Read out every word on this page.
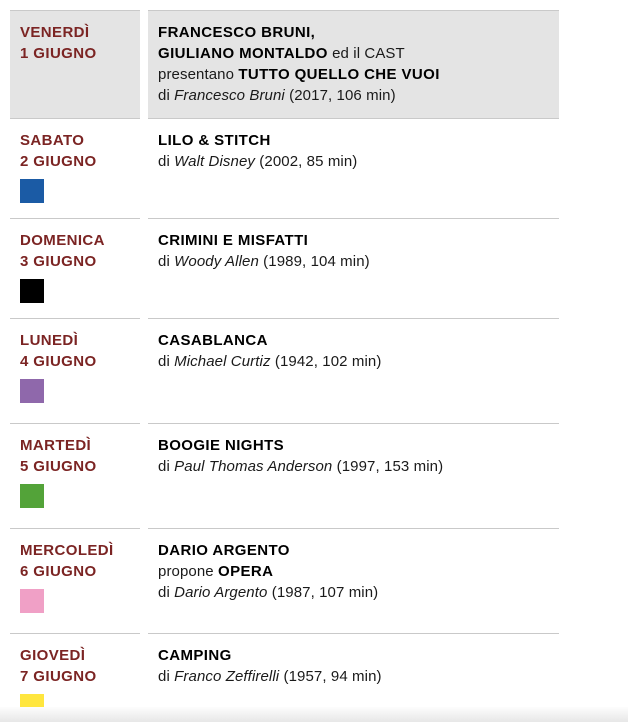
VENERDÌ
1 GIUGNO
FRANCESCO BRUNI,
GIULIANO MONTALDO ed il CAST
presentano TUTTO QUELLO CHE VUOI
di Francesco Bruni (2017, 106 min)
SABATO
2 GIUGNO
LILO & STITCH
di Walt Disney (2002, 85 min)
DOMENICA
3 GIUGNO
CRIMINI E MISFATTI
di Woody Allen (1989, 104 min)
LUNEDÌ
4 GIUGNO
CASABLANCA
di Michael Curtiz (1942, 102 min)
MARTEDÌ
5 GIUGNO
BOOGIE NIGHTS
di Paul Thomas Anderson (1997, 153 min)
MERCOLEDÌ
6 GIUGNO
DARIO ARGENTO
propone OPERA
di Dario Argento (1987, 107 min)
GIOVEDÌ
7 GIUGNO
CAMPING
di Franco Zeffirelli (1957, 94 min)
